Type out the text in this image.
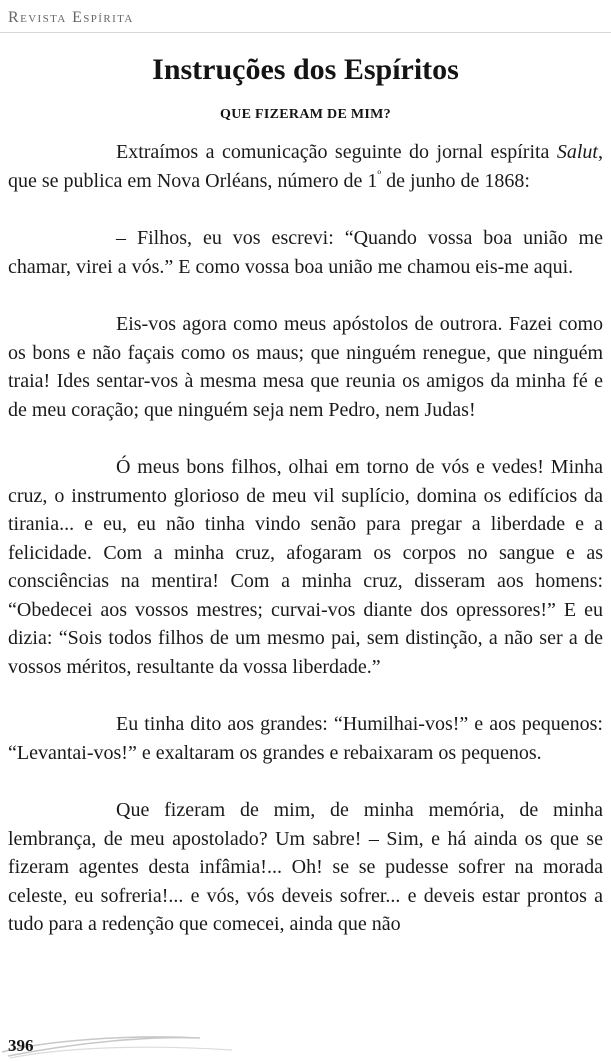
Revista Espírita
Instruções dos Espíritos
QUE FIZERAM DE MIM?

Extraímos a comunicação seguinte do jornal espírita Salut, que se publica em Nova Orléans, número de $1^º$ de junho de 1868:

– Filhos, eu vos escrevi: “Quando vossa boa união me chamar, virei a vós.” E como vossa boa união me chamou eis-me aqui.

Eis-vos agora como meus apóstolos de outrora. Fazei como os bons e não façais como os maus; que ninguém renegue, que ninguém traia! Ides sentar-vos à mesma mesa que reunia os amigos da minha fé e de meu coração; que ninguém seja nem Pedro, nem Judas!

Ó meus bons filhos, olhai em torno de vós e vedes! Minha cruz, o instrumento glorioso de meu vil suplício, domina os edifícios da tirania... e eu, eu não tinha vindo senão para pregar a liberdade e a felicidade. Com a minha cruz, afogaram os corpos no sangue e as consciências na mentira! Com a minha cruz, disseram aos homens: “Obedecei aos vossos mestres; curvai-vos diante dos opressores!” E eu dizia: “Sois todos filhos de um mesmo pai, sem distinção, a não ser a de vossos méritos, resultante da vossa liberdade.”

Eu tinha dito aos grandes: “Humilhai-vos!” e aos pequenos: “Levantai-vos!” e exaltaram os grandes e rebaixaram os pequenos.

Que fizeram de mim, de minha memória, de minha lembrança, de meu apostolado? Um sabre! – Sim, e há ainda os que se fizeram agentes desta infâmia!... Oh! se se pudesse sofrer na morada celeste, eu sofreria!... e vós, vós deveis sofrer... e deveis estar prontos a tudo para a redenção que comecei, ainda que não

396
